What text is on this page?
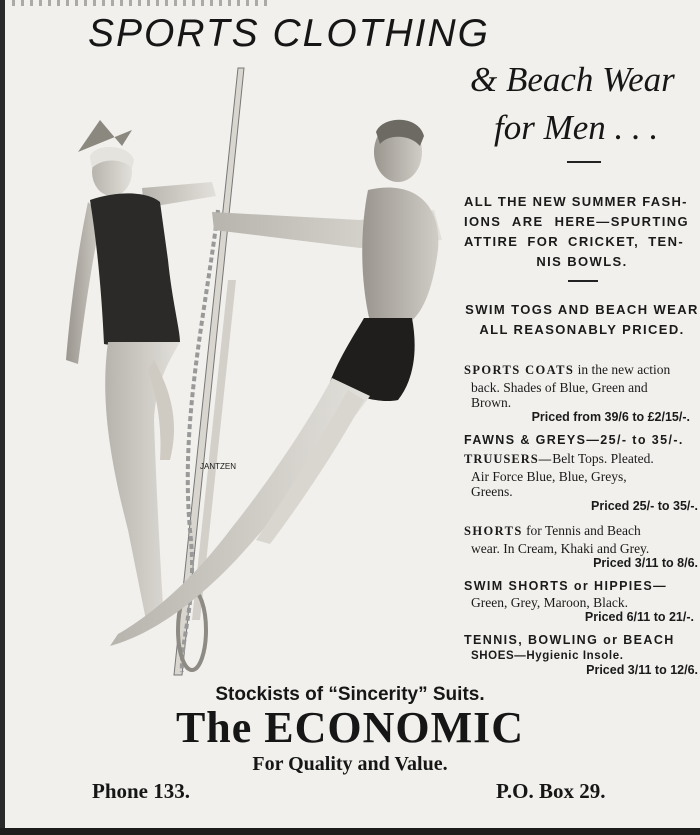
SPORTS CLOTHING
& Beach Wear
for Men . . .
JANTZEN
ALL THE NEW SUMMER FASH-
IONS ARE HERE—SPURTING
ATTIRE FOR CRICKET, TEN-
NIS BOWLS.
SWIM TOGS AND BEACH WEAR
ALL REASONABLY PRICED.
SPORTS COATS in the new action
back. Shades of Blue, Green and
Brown.
Priced from 39/6 to £2/15/-.
FAWNS & GREYS—25/- to 35/-.
TRUUSERS—Belt Tops. Pleated.
Air Force Blue, Blue, Greys,
Greens.
Priced 25/- to 35/-.
SHORTS for Tennis and Beach
wear. In Cream, Khaki and Grey.
Priced 3/11 to 8/6.
SWIM SHORTS or HIPPIES—
Green, Grey, Maroon, Black.
Priced 6/11 to 21/-.
TENNIS, BOWLING or BEACH
SHOES—Hygienic Insole.
Priced 3/11 to 12/6.
Stockists of “Sincerity” Suits.
The ECONOMIC
For Quality and Value.
Phone 133.	P.O. Box 29.
